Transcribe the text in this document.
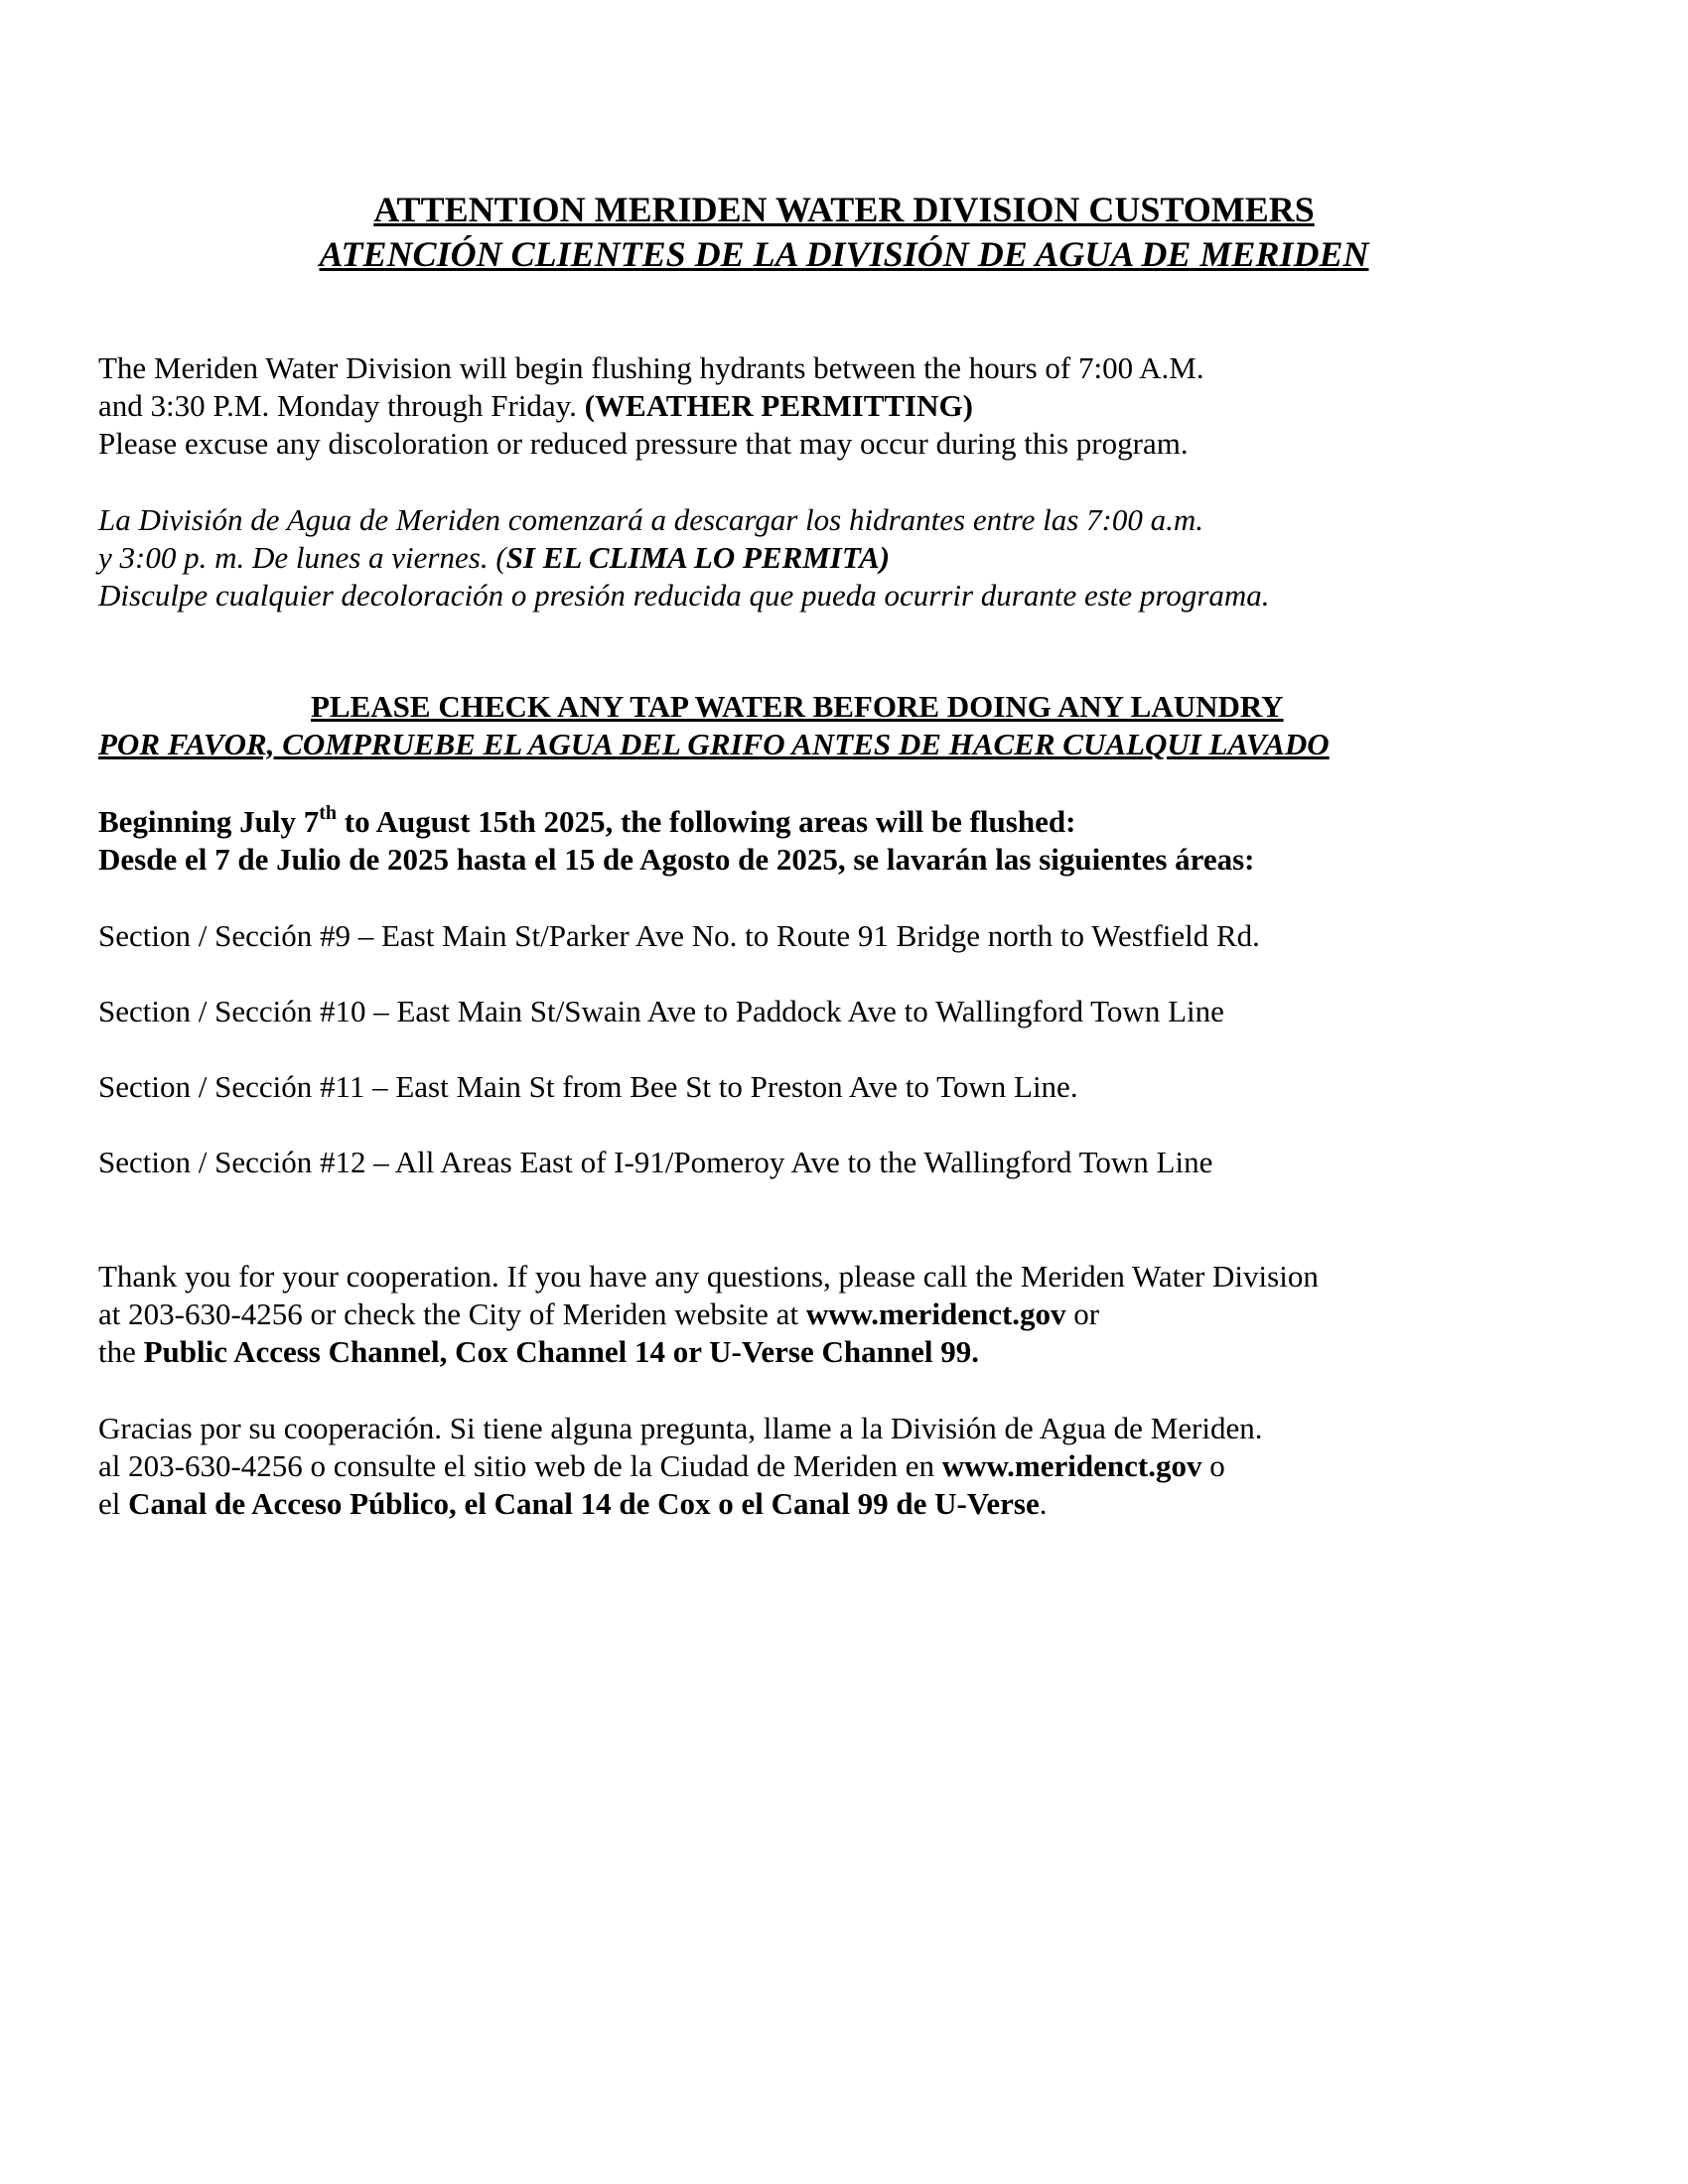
ATTENTION MERIDEN WATER DIVISION CUSTOMERS
ATENCIÓN CLIENTES DE LA DIVISIÓN DE AGUA DE MERIDEN
The Meriden Water Division will begin flushing hydrants between the hours of 7:00 A.M.
and 3:30 P.M. Monday through Friday. (WEATHER PERMITTING)
Please excuse any discoloration or reduced pressure that may occur during this program.
La División de Agua de Meriden comenzará a descargar los hidrantes entre las 7:00 a.m.
y 3:00 p. m. De lunes a viernes. (SI EL CLIMA LO PERMITA)
Disculpe cualquier decoloración o presión reducida que pueda ocurrir durante este programa.
PLEASE CHECK ANY TAP WATER BEFORE DOING ANY LAUNDRY
POR FAVOR, COMPRUEBE EL AGUA DEL GRIFO ANTES DE HACER CUALQUI LAVADO
Beginning July 7th to August 15th 2025, the following areas will be flushed:
Desde el 7 de Julio de 2025 hasta el 15 de Agosto de 2025, se lavarán las siguientes áreas:
Section / Sección #9 – East Main St/Parker Ave No. to Route 91 Bridge north to Westfield Rd.
Section / Sección #10 – East Main St/Swain Ave to Paddock Ave to Wallingford Town Line
Section / Sección #11 – East Main St from Bee St to Preston Ave to Town Line.
Section / Sección #12 – All Areas East of I-91/Pomeroy Ave to the Wallingford Town Line
Thank you for your cooperation. If you have any questions, please call the Meriden Water Division
at 203-630-4256 or check the City of Meriden website at www.meridenct.gov or
the Public Access Channel, Cox Channel 14 or U-Verse Channel 99.
Gracias por su cooperación. Si tiene alguna pregunta, llame a la División de Agua de Meriden.
al 203-630-4256 o consulte el sitio web de la Ciudad de Meriden en www.meridenct.gov o
el Canal de Acceso Público, el Canal 14 de Cox o el Canal 99 de U-Verse.
